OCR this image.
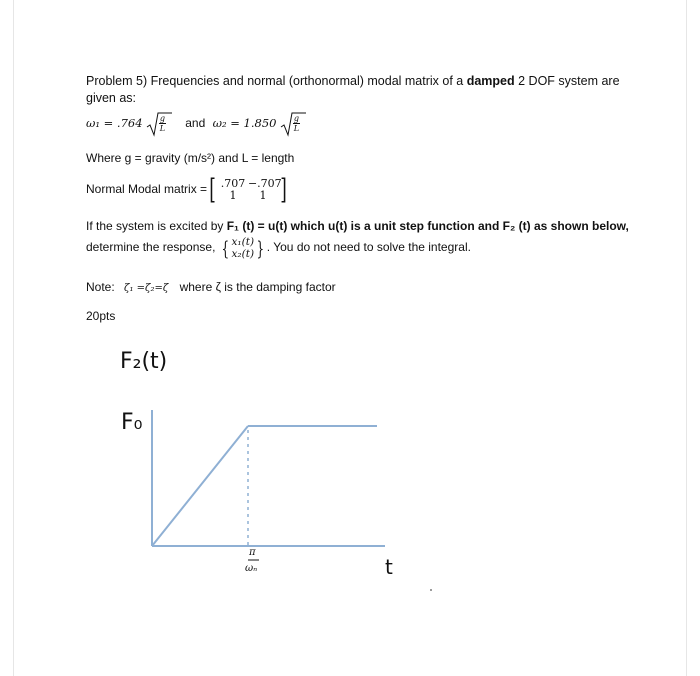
Problem 5) Frequencies and normal (orthonormal) modal matrix of a damped 2 DOF system are given as:
$\omega_1 = .764 \frac{g}{L}$ and $\omega_2 = 1.850 \frac{g}{L}$
Where g = gravity (m/s²) and L = length
Normal Modal matrix =[ .707 −.707
1 1 ]
If the system is excited by F₁ (t) = u(t) which u(t) is a unit step function and F₂ (t) as shown below,
determine the response, { x₁(t)
x₂(t) } . You do not need to solve the integral.
Note: ζ₁ =ζ₂=ζ where ζ is the damping factor
20pts
F₂(t)
F₀
π
ωₙ	t
